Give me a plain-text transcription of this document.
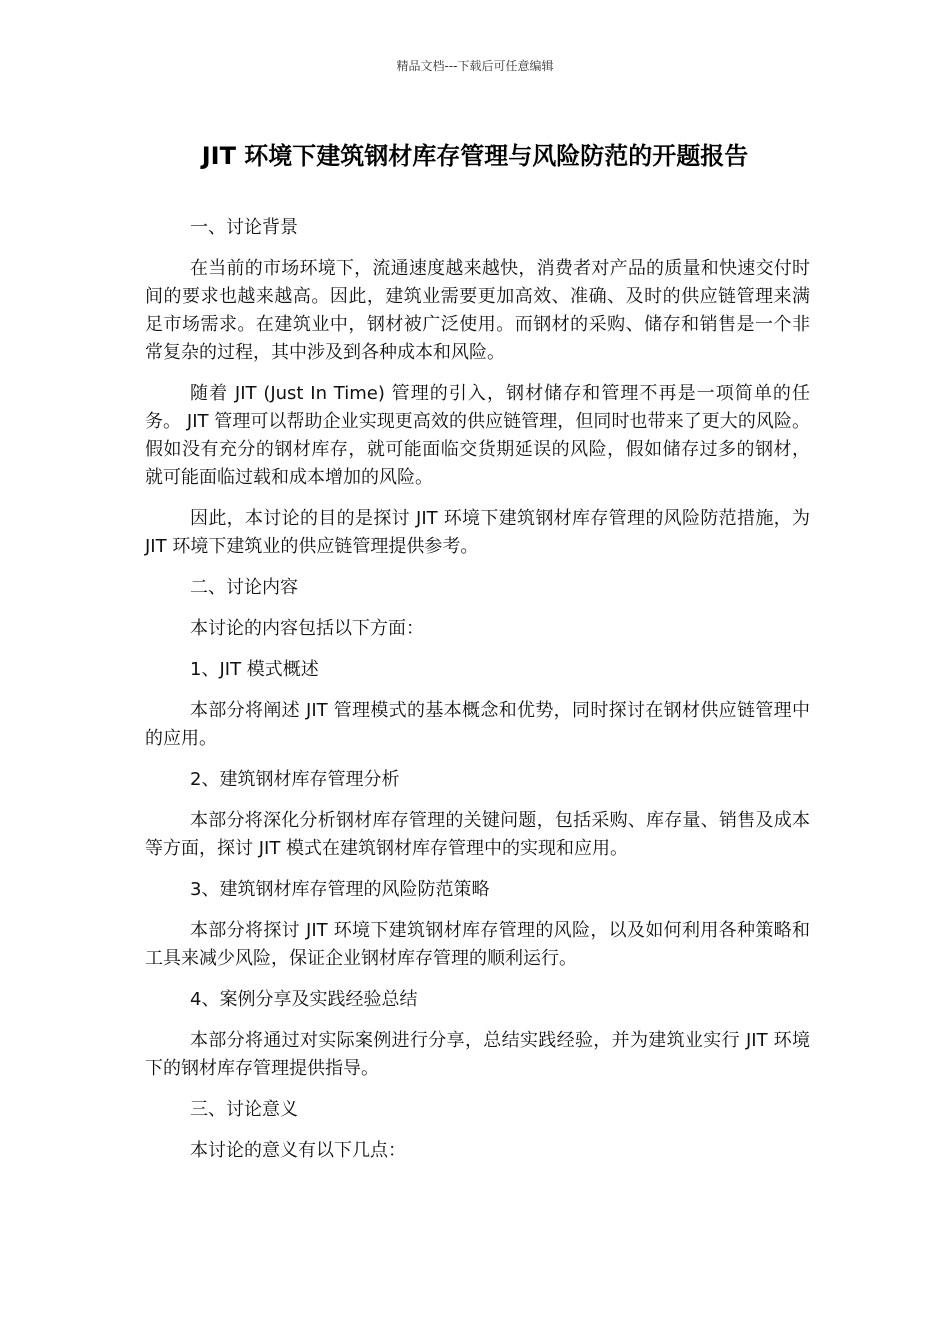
精品文档---下载后可任意编辑
JIT 环境下建筑钢材库存管理与风险防范的开题报告

一、讨论背景

在当前的市场环境下，流通速度越来越快，消费者对产品的质量和快速交付时间的要求也越来越高。因此，建筑业需要更加高效、准确、及时的供应链管理来满足市场需求。在建筑业中，钢材被广泛使用。而钢材的采购、储存和销售是一个非常复杂的过程，其中涉及到各种成本和风险。

随着 JIT (Just In Time) 管理的引入，钢材储存和管理不再是一项简单的任务。 JIT 管理可以帮助企业实现更高效的供应链管理，但同时也带来了更大的风险。假如没有充分的钢材库存，就可能面临交货期延误的风险，假如储存过多的钢材，就可能面临过载和成本增加的风险。

因此，本讨论的目的是探讨 JIT 环境下建筑钢材库存管理的风险防范措施，为 JIT 环境下建筑业的供应链管理提供参考。

二、讨论内容

本讨论的内容包括以下方面：

1、JIT 模式概述

本部分将阐述 JIT 管理模式的基本概念和优势，同时探讨在钢材供应链管理中的应用。

2、建筑钢材库存管理分析

本部分将深化分析钢材库存管理的关键问题，包括采购、库存量、销售及成本等方面，探讨 JIT 模式在建筑钢材库存管理中的实现和应用。

3、建筑钢材库存管理的风险防范策略

本部分将探讨 JIT 环境下建筑钢材库存管理的风险，以及如何利用各种策略和工具来减少风险，保证企业钢材库存管理的顺利运行。

4、案例分享及实践经验总结

本部分将通过对实际案例进行分享，总结实践经验，并为建筑业实行 JIT 环境下的钢材库存管理提供指导。

三、讨论意义

本讨论的意义有以下几点：
